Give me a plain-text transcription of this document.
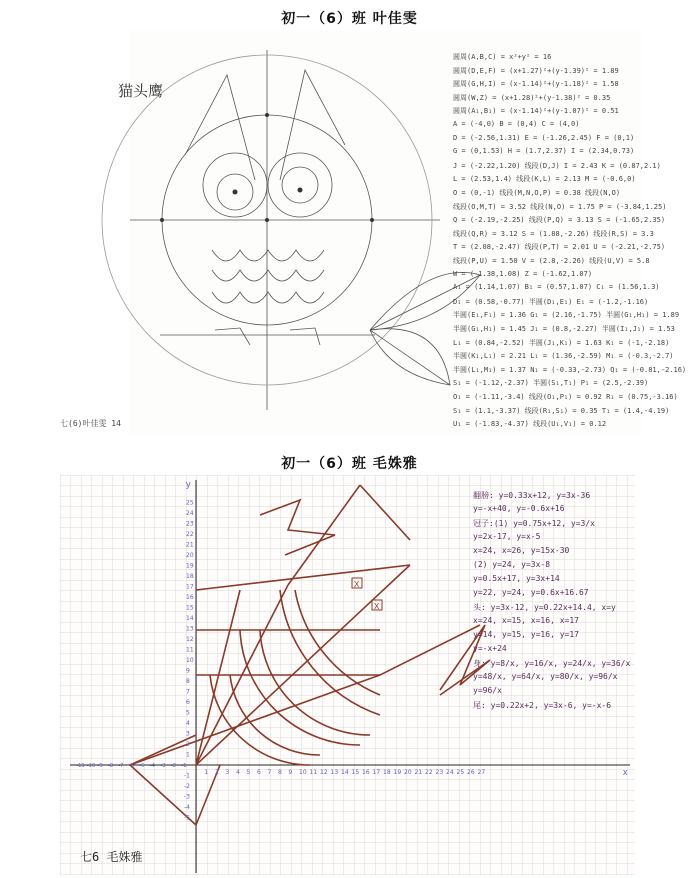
初一（6）班 叶佳雯
猫头鹰
七(6)叶佳雯 14
圆周(A,B,C) = x²+y² = 16
圆周(D,E,F) = (x+1.27)²+(y-1.39)² = 1.89
圆周(G,H,I) = (x-1.14)²+(y-1.18)² = 1.58
圆周(W,Z) = (x+1.28)²+(y-1.38)² = 0.35
圆周(A₁,B₁) = (x-1.14)²+(y-1.07)² = 0.51
A = (-4,0) B = (0,4) C = (4,0)
D = (-2.56,1.31) E = (-1.26,2.45) F = (0,1)
G = (0,1.53) H = (1.7,2.37) I = (2.34,0.73)
J = (-2.22,1.20) 线段(D,J) I = 2.43 K = (0.87,2.1)
L = (2.53,1.4) 线段(K,L) = 2.13 M = (-0.6,0)
O = (0,-1) 线段(M,N,O,P) = 0.38 线段(N,O)
线段(O,M,T) = 3.52 线段(N,O) = 1.75 P = (-3.84,1.25)
Q = (-2.19,-2.25) 线段(P,Q) = 3.13 S = (-1.65,2.35)
线段(Q,R) = 3.12 S = (1.88,-2.26) 线段(R,S) = 3.3
T = (2.08,-2.47) 线段(P,T) = 2.01 U = (-2.21,-2.75)
线段(P,U) = 1.50 V = (2.8,-2.26) 线段(U,V) = 5.8
W = (-1.38,1.08) Z = (-1.62,1.07)
A₁ = (1.14,1.07) B₁ = (0.57,1.07) C₁ = (1.56,1.3)
D₁ = (0.58,-0.77) 半圆(D₁,E₁) E₁ = (-1.2,-1.16)
半圆(E₁,F₁) = 1.36 G₁ = (2.16,-1.75) 半圆(G₁,H₁) = 1.89
半圆(G₁,H₁) = 1.45 J₁ = (0.8,-2.27) 半圆(I₁,J₁) = 1.53
L₁ = (0.84,-2.52) 半圆(J₁,K₁) = 1.63 K₁ = (-1,-2.18)
半圆(K₁,L₁) = 2.21 L₁ = (1.36,-2.59) M₁ = (-0.3,-2.7)
半圆(L₁,M₁) = 1.37 N₁ = (-0.33,-2.73) Q₁ = (-0.81,-2.16)
S₁ = (-1.12,-2.37) 半圆(S₁,T₁) P₁ = (2.5,-2.39)
O₁ = (-1.11,-3.4) 线段(O₁,P₁) = 0.92 R₁ = (0.75,-3.16)
S₁ = (1.1,-3.37) 线段(R₁,S₁) = 0.35 T₁ = (1.4,-4.19)
U₁ = (-1.83,-4.37) 线段(U₁,V₁) = 0.12
初一（6）班 毛姝雅
X
X
x
y
1 2 3 4 5 6 7 8 9 10 11 12 13 14 15 16 17 18 19 20 21 22 23 24 25 26 27
-11 -10 -9 -8 -7 -6 -5 -4 -3 -2 -1
1
2
3
4
5
6
7
8
9
10
11
12
13
14
15
16
17
18
19
20
21
22
23
24
25
-1
-2
-3
-4
-5
七6 毛姝雅
翻膀: y=0.33x+12, y=3x-36
y=-x+40, y=-0.6x+16
冠子:(1) y=0.75x+12, y=3/x
y=2x-17, y=x-5
x=24, x=26, y=15x-30
(2) y=24, y=3x-8
y=0.5x+17, y=3x+14
y=22, y=24, y=0.6x+16.67
头: y=3x-12, y=0.22x+14.4, x=y
x=24, x=15, x=16, x=17
y=14, y=15, y=16, y=17
y=-x+24
身: y=8/x, y=16/x, y=24/x, y=36/x
y=48/x, y=64/x, y=80/x, y=96/x
y=96/x
尾: y=0.22x+2, y=3x-6, y=-x-6
